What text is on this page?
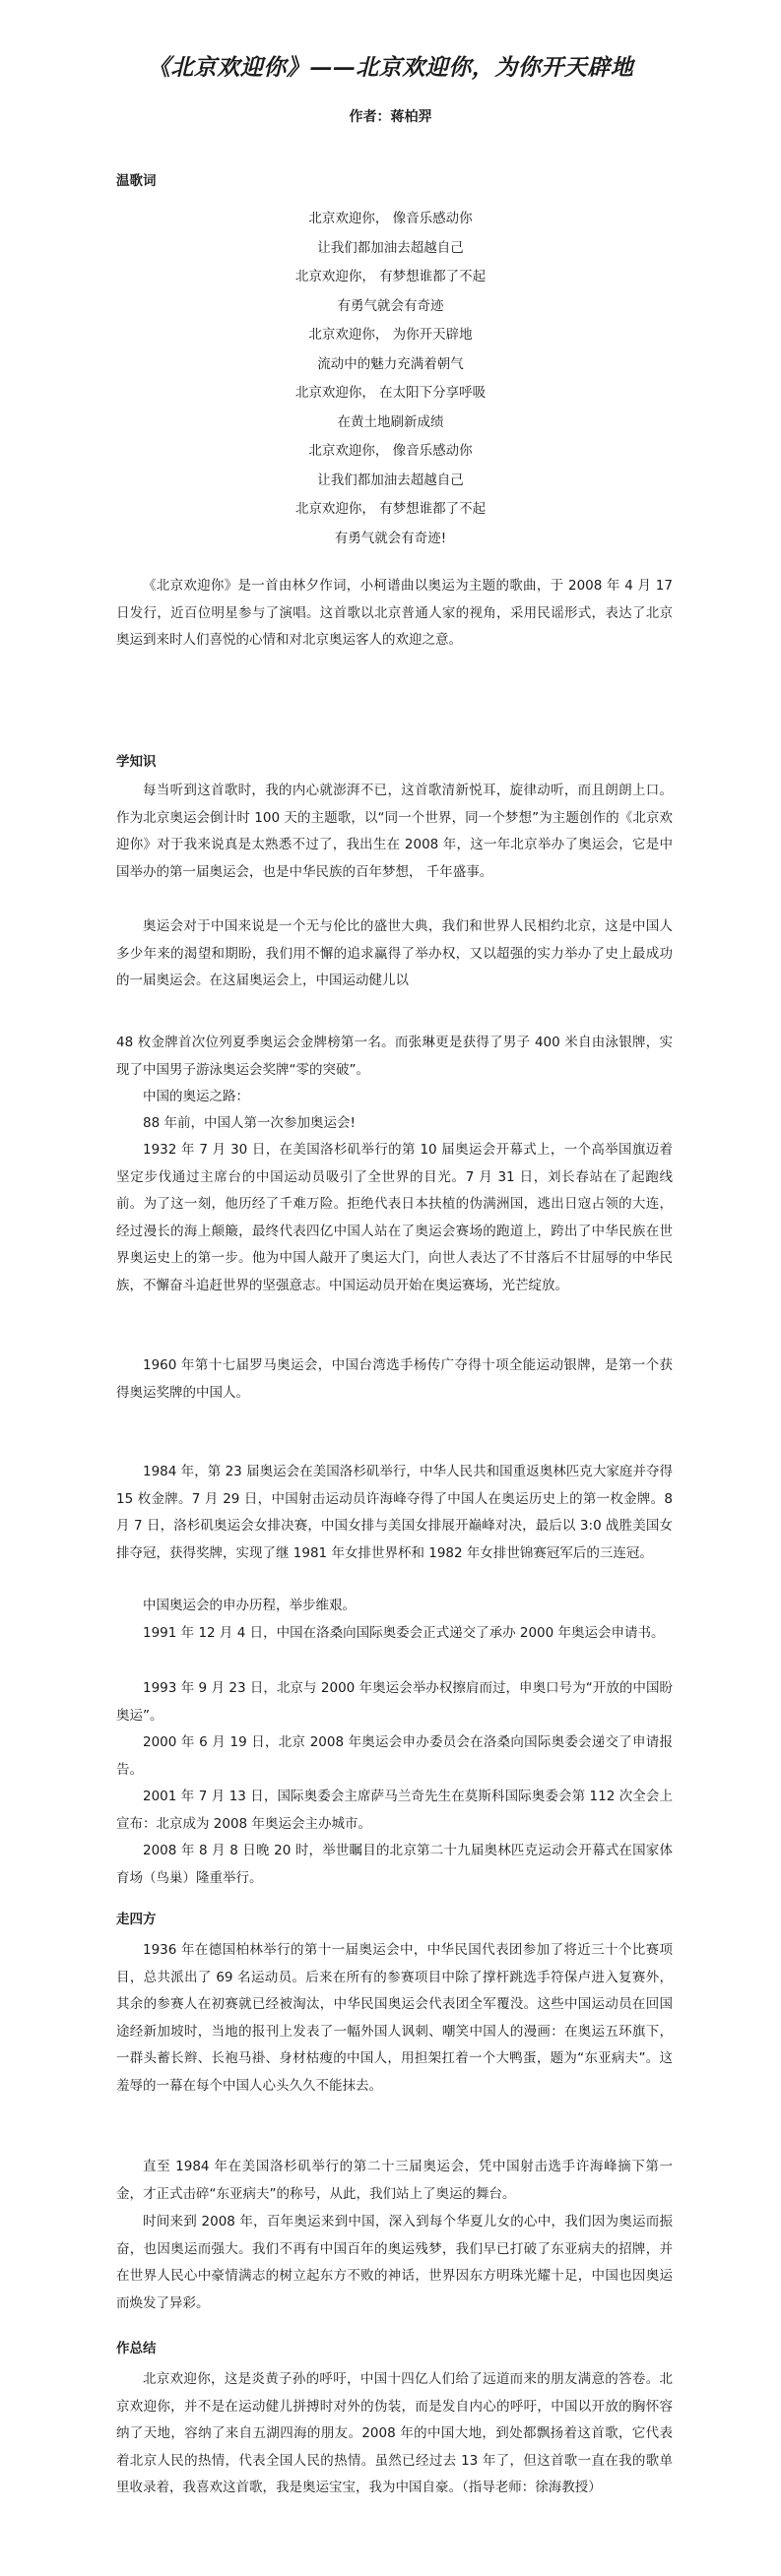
《北京欢迎你》——北京欢迎你，为你开天辟地
作者：蒋柏羿
温歌词
北京欢迎你， 像音乐感动你
让我们都加油去超越自己
北京欢迎你， 有梦想谁都了不起
有勇气就会有奇迹
北京欢迎你， 为你开天辟地
流动中的魅力充满着朝气
北京欢迎你， 在太阳下分享呼吸
在黄土地刷新成绩
北京欢迎你， 像音乐感动你
让我们都加油去超越自己
北京欢迎你， 有梦想谁都了不起
有勇气就会有奇迹!

《北京欢迎你》是一首由林夕作词，小柯谱曲以奥运为主题的歌曲，于 2008 年 4 月 17 日发行，近百位明星参与了演唱。这首歌以北京普通人家的视角，采用民谣形式，表达了北京奥运到来时人们喜悦的心情和对北京奥运客人的欢迎之意。

学知识

每当听到这首歌时，我的内心就澎湃不已，这首歌清新悦耳，旋律动听，而且朗朗上口。作为北京奥运会倒计时 100 天的主题歌，以“同一个世界，同一个梦想”为主题创作的《北京欢迎你》对于我来说真是太熟悉不过了，我出生在 2008 年，这一年北京举办了奥运会，它是中国举办的第一届奥运会，也是中华民族的百年梦想， 千年盛事。

奥运会对于中国来说是一个无与伦比的盛世大典，我们和世界人民相约北京，这是中国人多少年来的渴望和期盼，我们用不懈的追求赢得了举办权，又以超强的实力举办了史上最成功的一届奥运会。在这届奥运会上，中国运动健儿以

48 枚金牌首次位列夏季奥运会金牌榜第一名。而张琳更是获得了男子 400 米自由泳银牌，实现了中国男子游泳奥运会奖牌“零的突破”。

中国的奥运之路：

88 年前，中国人第一次参加奥运会!

1932 年 7 月 30 日，在美国洛杉矶举行的第 10 届奥运会开幕式上，一个高举国旗迈着坚定步伐通过主席台的中国运动员吸引了全世界的目光。7 月 31 日，刘长春站在了起跑线前。为了这一刻，他历经了千难万险。拒绝代表日本扶植的伪满洲国，逃出日寇占领的大连，经过漫长的海上颠簸，最终代表四亿中国人站在了奥运会赛场的跑道上，跨出了中华民族在世界奥运史上的第一步。他为中国人敲开了奥运大门，向世人表达了不甘落后不甘屈辱的中华民族，不懈奋斗追赶世界的坚强意志。中国运动员开始在奥运赛场，光芒绽放。

1960 年第十七届罗马奥运会，中国台湾选手杨传广夺得十项全能运动银牌，是第一个获得奥运奖牌的中国人。

1984 年，第 23 届奥运会在美国洛杉矶举行，中华人民共和国重返奥林匹克大家庭并夺得 15 枚金牌。7 月 29 日，中国射击运动员许海峰夺得了中国人在奥运历史上的第一枚金牌。8 月 7 日，洛杉矶奥运会女排决赛，中国女排与美国女排展开巅峰对决，最后以 3:0 战胜美国女排夺冠，获得奖牌，实现了继 1981 年女排世界杯和 1982 年女排世锦赛冠军后的三连冠。

中国奥运会的申办历程，举步维艰。

1991 年 12 月 4 日，中国在洛桑向国际奥委会正式递交了承办 2000 年奥运会申请书。

1993 年 9 月 23 日，北京与 2000 年奥运会举办权擦肩而过，申奥口号为“开放的中国盼奥运”。

2000 年 6 月 19 日，北京 2008 年奥运会申办委员会在洛桑向国际奥委会递交了申请报告。

2001 年 7 月 13 日，国际奥委会主席萨马兰奇先生在莫斯科国际奥委会第 112 次全会上宣布：北京成为 2008 年奥运会主办城市。

2008 年 8 月 8 日晚 20 时，举世瞩目的北京第二十九届奥林匹克运动会开幕式在国家体育场（鸟巢）隆重举行。

走四方

1936 年在德国柏林举行的第十一届奥运会中，中华民国代表团参加了将近三十个比赛项目，总共派出了 69 名运动员。后来在所有的参赛项目中除了撑杆跳选手符保卢进入复赛外，其余的参赛人在初赛就已经被淘汰，中华民国奥运会代表团全军覆没。这些中国运动员在回国途经新加坡时，当地的报刊上发表了一幅外国人讽刺、嘲笑中国人的漫画：在奥运五环旗下，一群头蓄长辫、长袍马褂、身材枯瘦的中国人，用担架扛着一个大鸭蛋，题为“东亚病夫”。这羞辱的一幕在每个中国人心头久久不能抹去。

直至 1984 年在美国洛杉矶举行的第二十三届奥运会，凭中国射击选手许海峰摘下第一金，才正式击碎“东亚病夫”的称号，从此，我们站上了奥运的舞台。

时间来到 2008 年，百年奥运来到中国，深入到每个华夏儿女的心中，我们因为奥运而振奋，也因奥运而强大。我们不再有中国百年的奥运残梦，我们早已打破了东亚病夫的招牌，并在世界人民心中豪情满志的树立起东方不败的神话，世界因东方明珠光耀十足，中国也因奥运而焕发了异彩。

作总结

北京欢迎你，这是炎黄子孙的呼吁，中国十四亿人们给了远道而来的朋友满意的答卷。北京欢迎你，并不是在运动健儿拼搏时对外的伪装，而是发自内心的呼吁，中国以开放的胸怀容纳了天地，容纳了来自五湖四海的朋友。2008 年的中国大地，到处都飘扬着这首歌，它代表着北京人民的热情，代表全国人民的热情。虽然已经过去 13 年了，但这首歌一直在我的歌单里收录着，我喜欢这首歌，我是奥运宝宝，我为中国自豪。（指导老师：徐海教授）
